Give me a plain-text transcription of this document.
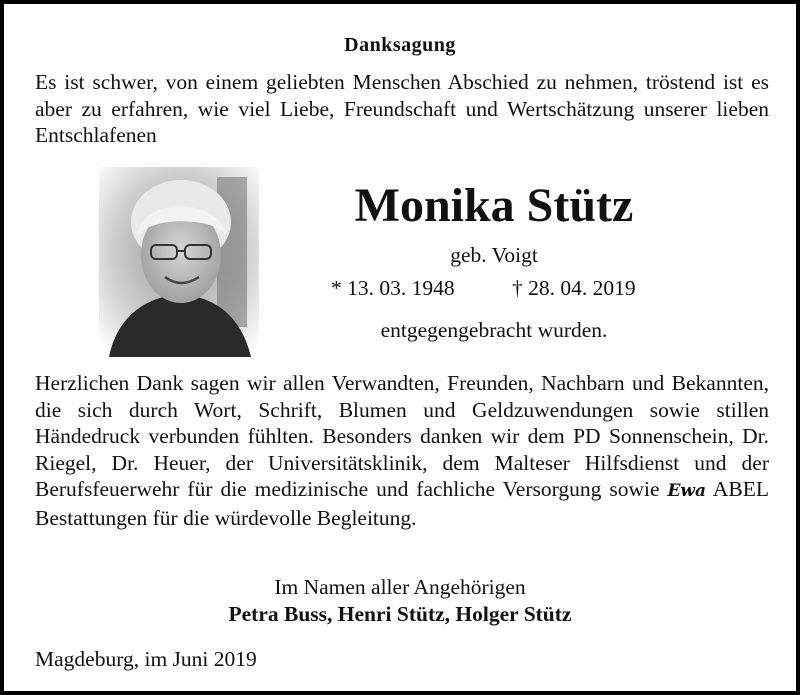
Danksagung

Es ist schwer, von einem geliebten Menschen Abschied zu nehmen, tröstend ist es aber zu erfahren, wie viel Liebe, Freundschaft und Wertschätzung unserer lieben Entschlafenen

Monika Stütz
geb. Voigt
* 13. 03. 1948	† 28. 04. 2019
entgegengebracht wurden.

Herzlichen Dank sagen wir allen Verwandten, Freunden, Nachbarn und Bekannten, die sich durch Wort, Schrift, Blumen und Geldzuwendungen sowie stillen Händedruck verbunden fühlten. Besonders danken wir dem PD Sonnenschein, Dr. Riegel, Dr. Heuer, der Universitätsklinik, dem Malteser Hilfsdienst und der Berufsfeuerwehr für die medizinische und fachliche Versorgung sowie Ewa ABEL Bestattungen für die würdevolle Begleitung.

Im Namen aller Angehörigen
Petra Buss, Henri Stütz, Holger Stütz
Magdeburg, im Juni 2019
